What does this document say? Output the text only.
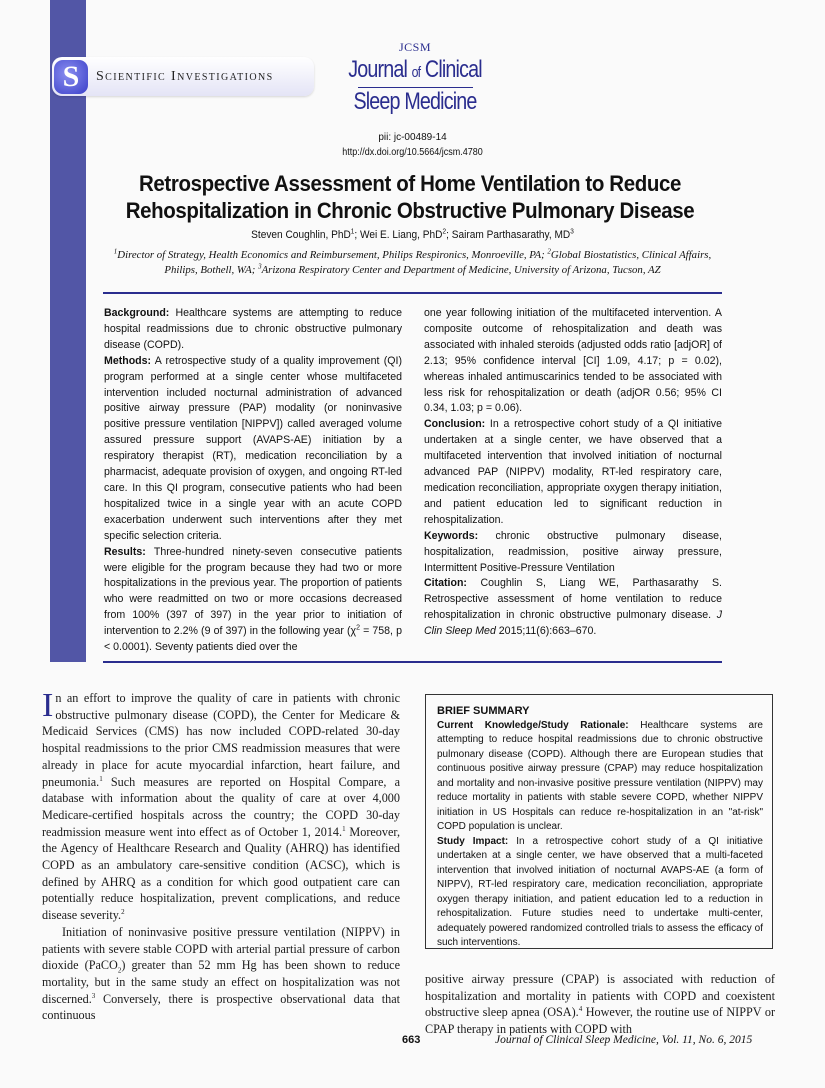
S	Scientific Investigations
JCSM
Journal of Clinical
Sleep Medicine
pii: jc-00489-14
http://dx.doi.org/10.5664/jcsm.4780
Retrospective Assessment of Home Ventilation to Reduce
Rehospitalization in Chronic Obstructive Pulmonary Disease
Steven Coughlin, PhD$^1$; Wei E. Liang, PhD$^2$; Sairam Parthasarathy, $MD^3$
$^1$Director of Strategy, Health Economics and Reimbursement, Philips Respironics, Monroeville, PA; $^2$Global Biostatistics, Clinical Affairs, Philips, Bothell, WA; $^3$Arizona Respiratory Center and Department of Medicine, University of Arizona, Tucson, AZ

Background: Healthcare systems are attempting to reduce hospital readmissions due to chronic obstructive pulmonary disease (COPD).

Methods: A retrospective study of a quality improvement (QI) program performed at a single center whose multifaceted intervention included nocturnal administration of advanced positive airway pressure (PAP) modality (or noninvasive positive pressure ventilation [NIPPV]) called averaged volume assured pressure support (AVAPS-AE) initiation by a respiratory therapist (RT), medication reconciliation by a pharmacist, adequate provision of oxygen, and ongoing RT-led care. In this QI program, consecutive patients who had been hospitalized twice in a single year with an acute COPD exacerbation underwent such interventions after they met specific selection criteria.

Results: Three-hundred ninety-seven consecutive patients were eligible for the program because they had two or more hospitalizations in the previous year. The proportion of patients who were readmitted on two or more occasions decreased from 100% (397 of 397) in the year prior to initiation of intervention to 2.2% (9 of 397) in the following year ($\chi^2 = 758$, p < 0.0001). Seventy patients died over the

one year following initiation of the multifaceted intervention. A composite outcome of rehospitalization and death was associated with inhaled steroids (adjusted odds ratio [adjOR] of 2.13; 95% confidence interval [CI] 1.09, 4.17; p = 0.02), whereas inhaled antimuscarinics tended to be associated with less risk for rehospitalization or death (adjOR 0.56; 95% CI 0.34, 1.03; p = 0.06).

Conclusion: In a retrospective cohort study of a QI initiative undertaken at a single center, we have observed that a multifaceted intervention that involved initiation of nocturnal advanced PAP (NIPPV) modality, RT-led respiratory care, medication reconciliation, appropriate oxygen therapy initiation, and patient education led to significant reduction in rehospitalization.

Keywords: chronic obstructive pulmonary disease, hospitalization, readmission, positive airway pressure, Intermittent Positive-Pressure Ventilation

Citation: Coughlin S, Liang WE, Parthasarathy S. Retrospective assessment of home ventilation to reduce rehospitalization in chronic obstructive pulmonary disease. J Clin Sleep Med 2015;11(6):663–670.

In an effort to improve the quality of care in patients with chronic obstructive pulmonary disease (COPD), the Center for Medicare & Medicaid Services (CMS) has now included COPD-related 30-day hospital readmissions to the prior CMS readmission measures that were already in place for acute myocardial infarction, heart failure, and pneumonia.$^1$ Such measures are reported on Hospital Compare, a database with information about the quality of care at over 4,000 Medicare-certified hospitals across the country; the COPD 30-day readmission measure went into effect as of October 1, 2014.$^1$ Moreover, the Agency of Healthcare Research and Quality (AHRQ) has identified COPD as an ambulatory care-sensitive condition (ACSC), which is defined by AHRQ as a condition for which good outpatient care can potentially reduce hospitalization, prevent complications, and reduce disease severity.$^2$

Initiation of noninvasive positive pressure ventilation (NIPPV) in patients with severe stable COPD with arterial partial pressure of carbon dioxide (PaCO$_2$) greater than 52 mm Hg has been shown to reduce mortality, but in the same study an effect on hospitalization was not discerned.$^3$ Conversely, there is prospective observational data that continuous

BRIEF SUMMARY

Current Knowledge/Study Rationale: Healthcare systems are attempting to reduce hospital readmissions due to chronic obstructive pulmonary disease (COPD). Although there are European studies that continuous positive airway pressure (CPAP) may reduce hospitalization and mortality and non-invasive positive pressure ventilation (NIPPV) may reduce mortality in patients with stable severe COPD, whether NIPPV initiation in US Hospitals can reduce re-hospitalization in an "at-risk" COPD population is unclear.

Study Impact: In a retrospective cohort study of a QI initiative undertaken at a single center, we have observed that a multi-faceted intervention that involved initiation of nocturnal AVAPS-AE (a form of NIPPV), RT-led respiratory care, medication reconciliation, appropriate oxygen therapy initiation, and patient education led to a reduction in rehospitalization. Future studies need to undertake multi-center, adequately powered randomized controlled trials to assess the efficacy of such interventions.

positive airway pressure (CPAP) is associated with reduction of hospitalization and mortality in patients with COPD and coexistent obstructive sleep apnea (OSA).$^4$ However, the routine use of NIPPV or CPAP therapy in patients with COPD with

663	Journal of Clinical Sleep Medicine, Vol. 11, No. 6, 2015
